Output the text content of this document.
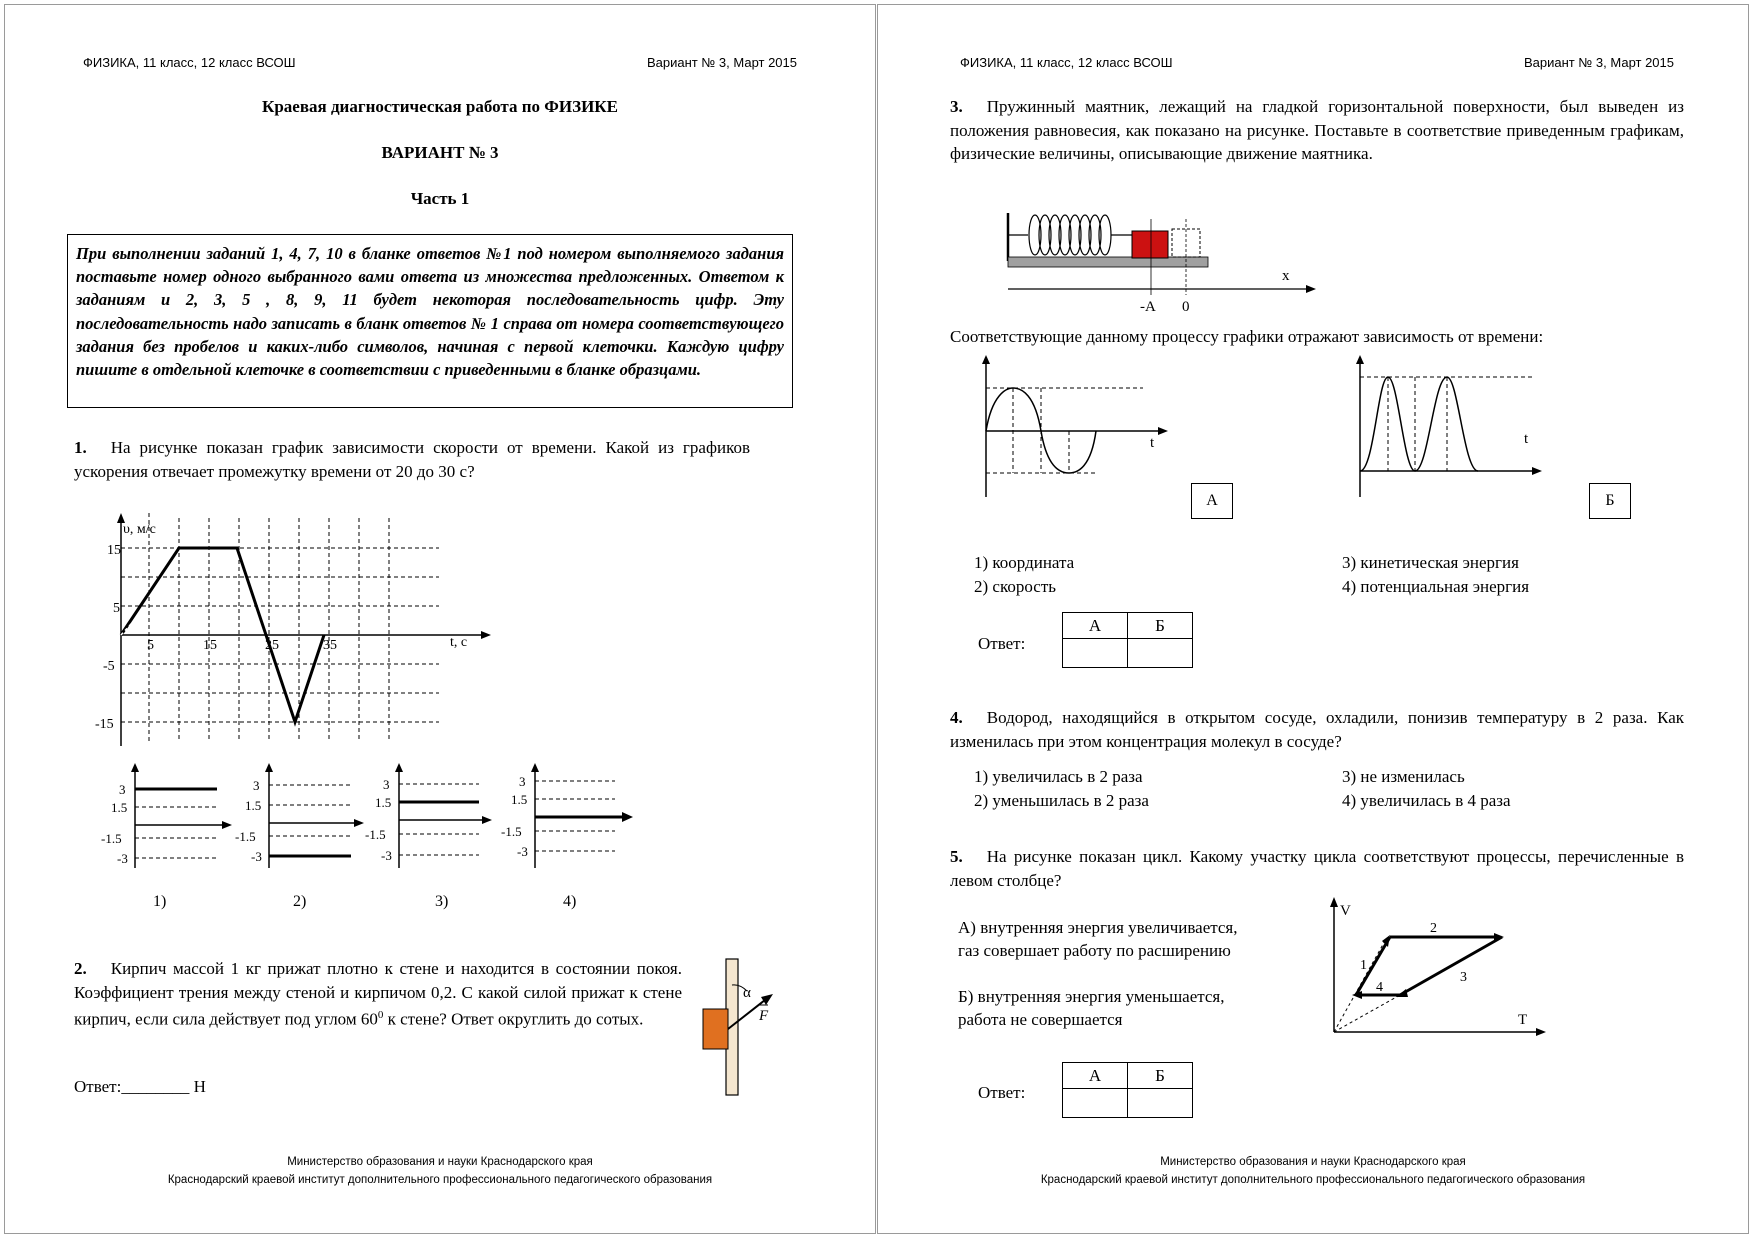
ФИЗИКА, 11 класс, 12 класс ВСОШ	Вариант № 3, Март 2015
Краевая диагностическая работа по ФИЗИКЕ
ВАРИАНТ № 3
Часть 1
При выполнении заданий 1, 4, 7, 10 в бланке ответов №1 под номером выполняемого задания поставьте номер одного выбранного вами ответа из множества предложенных. Ответом к заданиям и 2, 3, 5 , 8, 9, 11 будет некоторая последовательность цифр. Эту последовательность надо записать в бланк ответов № 1 справа от номера соответствующего задания без пробелов и каких-либо символов, начиная с первой клеточки. Каждую цифру пишите в отдельной клеточке в соответствии с приведенными в бланке образцами.
1. На рисунке показан график зависимости скорости от времени. Какой из графиков ускорения отвечает промежутку времени от 20 до 30 с?
υ, м/с
t, с
15
5
-5
-15
5	15	25	35
3
1.5
-1.5
-3
3
1.5
-1.5
-3
3
1.5
-1.5
-3
3
1.5
-1.5
-3
1)	2)	3)	4)
2. Кирпич массой 1 кг прижат плотно к стене и находится в состоянии покоя. Коэффициент трения между стеной и кирпичом 0,2. С какой силой прижат к стене кирпич, если сила действует под углом $60^0$ к стене? Ответ округлить до сотых.
α
F
Ответ:________ Н
Министерство образования и науки Краснодарского края
Краснодарский краевой институт дополнительного профессионального педагогического образования
ФИЗИКА, 11 класс, 12 класс ВСОШ	Вариант № 3, Март 2015
3. Пружинный маятник, лежащий на гладкой горизонтальной поверхности, был выведен из положения равновесия, как показано на рисунке. Поставьте в соответствие приведенным графикам, физические величины, описывающие движение маятника.
x
-А 0
Соответствующие данному процессу графики отражают зависимость от времени:
t
А
t
Б
1) координата
2) скорость
3) кинетическая энергия
4) потенциальная энергия
Ответ:
А	Б

4. Водород, находящийся в открытом сосуде, охладили, понизив температуру в 2 раза. Как изменилась при этом концентрация молекул в сосуде?
1) увеличилась в 2 раза
2) уменьшилась в 2 раза
3) не изменилась
4) увеличилась в 4 раза
5. На рисунке показан цикл. Какому участку цикла соответствуют процессы, перечисленные в левом столбце?
А) внутренняя энергия увеличивается,
газ совершает работу по расширению
Б) внутренняя энергия уменьшается,
работа не совершается
V
T
1
2
3
4
Ответ:
А	Б

Министерство образования и науки Краснодарского края
Краснодарский краевой институт дополнительного профессионального педагогического образования
